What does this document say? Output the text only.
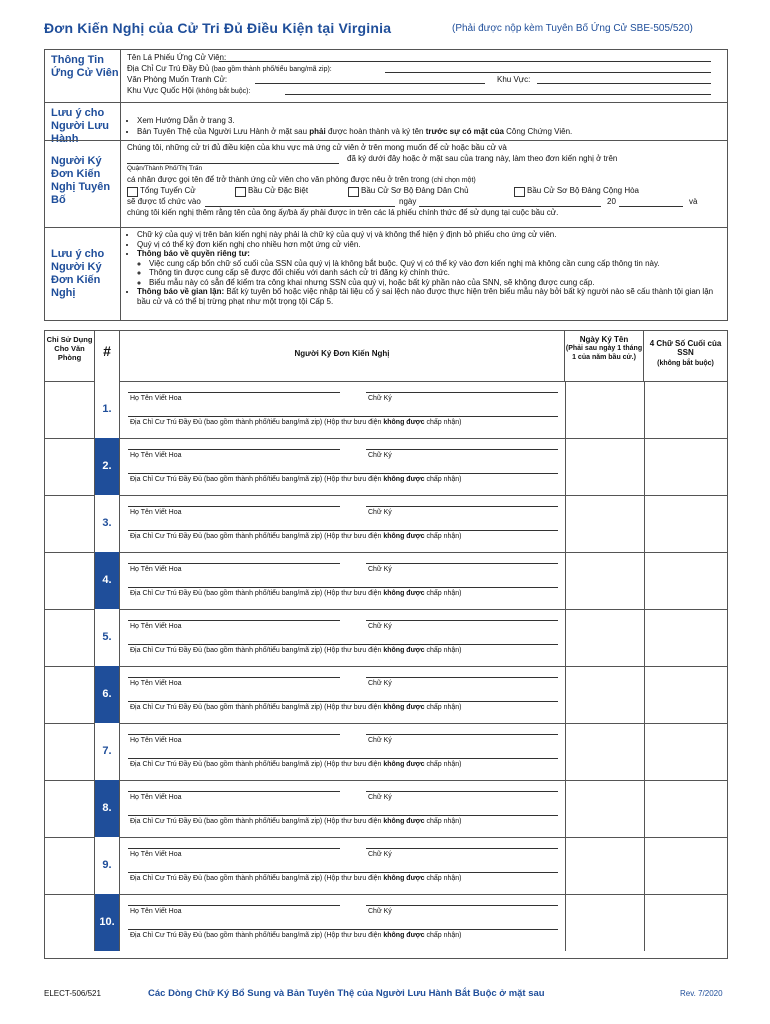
Đơn Kiến Nghị của Cử Tri Đủ Điều Kiện tại Virginia	(Phải được nộp kèm Tuyên Bố Ứng Cử SBE-505/520)
Thông Tin Ứng Cử Viên
Tên Lá Phiếu Ứng Cử Viên:
Địa Chỉ Cư Trú Đầy Đủ (bao gồm thành phố/tiểu bang/mã zip):
Văn Phòng Muốn Tranh Cử:	Khu Vực:
Khu Vực Quốc Hội (không bắt buộc):
Lưu ý cho Người Lưu Hành
• Xem Hướng Dẫn ở trang 3.
• Bản Tuyên Thệ của Người Lưu Hành ở mặt sau phải được hoàn thành và ký tên trước sự có mặt của Công Chứng Viên.
Người Ký Đơn Kiến Nghị Tuyên Bố
Chúng tôi, những cử tri đủ điều kiện của khu vực mà ứng cử viên ở trên mong muốn để cử hoặc bầu cử và
đã ký dưới đây hoặc ở mặt sau của trang này, làm theo đơn kiến nghị ở trên
Quận/Thành Phố/Thị Trấn
cá nhân được gọi tên để trở thành ứng cử viên cho văn phòng được nêu ở trên trong (chỉ chọn một)
Tổng Tuyển Cử	Bầu Cử Đặc Biệt	Bầu Cử Sơ Bộ Đảng Dân Chủ	Bầu Cử Sơ Bộ Đảng Cộng Hòa
sẽ được tổ chức vào	ngày	20	và
chúng tôi kiến nghị thêm rằng tên của ông ấy/bà ấy phải được in trên các lá phiếu chính thức để sử dụng tại cuộc bầu cử.
Lưu ý cho Người Ký Đơn Kiến Nghị
• Chữ ký của quý vị trên bản kiến nghị này phải là chữ ký của quý vị và không thể hiện ý định bỏ phiếu cho ứng cử viên.
• Quý vị có thể ký đơn kiến nghị cho nhiều hơn một ứng cử viên.
• Thông báo về quyền riêng tư:
◦ Việc cung cấp bốn chữ số cuối của SSN của quý vị là không bắt buộc. Quý vị có thể ký vào đơn kiến nghị mà không cần cung cấp thông tin này.
◦ Thông tin được cung cấp sẽ được đối chiếu với danh sách cử tri đăng ký chính thức.
◦ Biểu mẫu này có sẵn để kiểm tra công khai nhưng SSN của quý vị, hoặc bất kỳ phần nào của SNN, sẽ không được cung cấp.
• Thông báo về gian lận: Bất kỳ tuyên bố hoặc việc nhập tài liệu cố ý sai lệch nào được thực hiện trên biểu mẫu này bởi bất kỳ người nào sẽ cấu thành tội gian lận bầu cử và có thể bị trừng phạt như một trọng tội Cấp 5.
Chỉ Sử Dụng Cho Văn Phòng	#	Người Ký Đơn Kiến Nghị
Ngày Ký Tên
(Phải sau ngày 1 tháng 1 của năm bầu cử.)
4 Chữ Số Cuối của SSN
(không bắt buộc)
1.
Họ Tên Viết Hoa	Chữ Ký
Địa Chỉ Cư Trú Đầy Đủ (bao gồm thành phố/tiểu bang/mã zip) (Hộp thư bưu điện không được chấp nhận)
2.
Họ Tên Viết Hoa	Chữ Ký
Địa Chỉ Cư Trú Đầy Đủ (bao gồm thành phố/tiểu bang/mã zip) (Hộp thư bưu điện không được chấp nhận)
3.
Họ Tên Viết Hoa	Chữ Ký
Địa Chỉ Cư Trú Đầy Đủ (bao gồm thành phố/tiểu bang/mã zip) (Hộp thư bưu điện không được chấp nhận)
4.
Họ Tên Viết Hoa	Chữ Ký
Địa Chỉ Cư Trú Đầy Đủ (bao gồm thành phố/tiểu bang/mã zip) (Hộp thư bưu điện không được chấp nhận)
5.
Họ Tên Viết Hoa	Chữ Ký
Địa Chỉ Cư Trú Đầy Đủ (bao gồm thành phố/tiểu bang/mã zip) (Hộp thư bưu điện không được chấp nhận)
6.
Họ Tên Viết Hoa	Chữ Ký
Địa Chỉ Cư Trú Đầy Đủ (bao gồm thành phố/tiểu bang/mã zip) (Hộp thư bưu điện không được chấp nhận)
7.
Họ Tên Viết Hoa	Chữ Ký
Địa Chỉ Cư Trú Đầy Đủ (bao gồm thành phố/tiểu bang/mã zip) (Hộp thư bưu điện không được chấp nhận)
8.
Họ Tên Viết Hoa	Chữ Ký
Địa Chỉ Cư Trú Đầy Đủ (bao gồm thành phố/tiểu bang/mã zip) (Hộp thư bưu điện không được chấp nhận)
9.
Họ Tên Viết Hoa	Chữ Ký
Địa Chỉ Cư Trú Đầy Đủ (bao gồm thành phố/tiểu bang/mã zip) (Hộp thư bưu điện không được chấp nhận)
10.
Họ Tên Viết Hoa	Chữ Ký
Địa Chỉ Cư Trú Đầy Đủ (bao gồm thành phố/tiểu bang/mã zip) (Hộp thư bưu điện không được chấp nhận)
ELECT-506/521	Các Dòng Chữ Ký Bổ Sung và Bản Tuyên Thệ của Người Lưu Hành Bắt Buộc ở mặt sau	Rev. 7/2020
